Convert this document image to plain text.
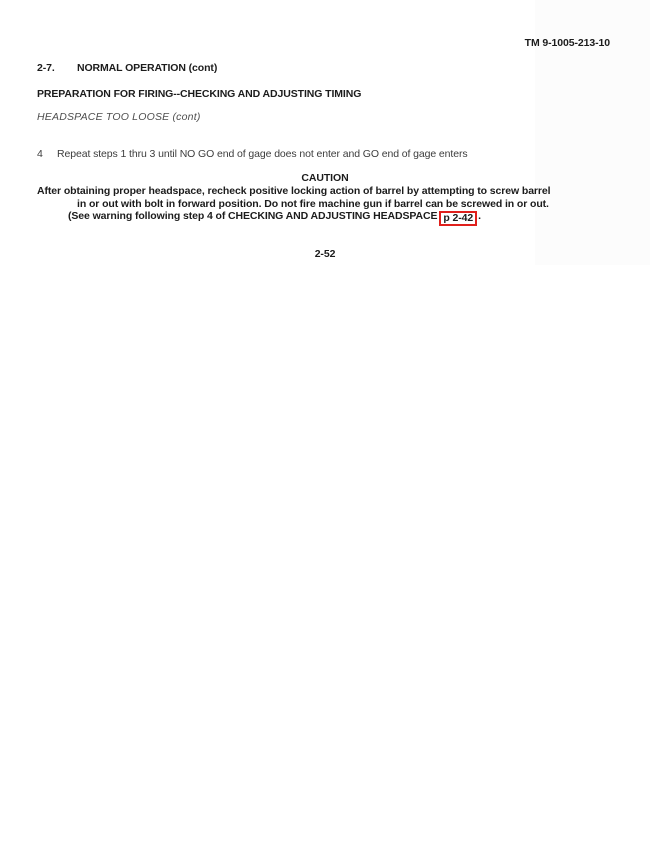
TM 9-1005-213-10
2-7. NORMAL OPERATION (cont)
PREPARATION FOR FIRING--CHECKING AND ADJUSTING TIMING
HEADSPACE TOO LOOSE (cont)
4 Repeat steps 1 thru 3 until NO GO end of gage does not enter and GO end of gage enters
CAUTION
After obtaining proper headspace, recheck positive locking action of barrel by attempting to screw barrel
in or out with bolt in forward position. Do not fire machine gun if barrel can be screwed in or out.
(See warning following step 4 of CHECKING AND ADJUSTING HEADSPACE p 2-42 .
2-52
